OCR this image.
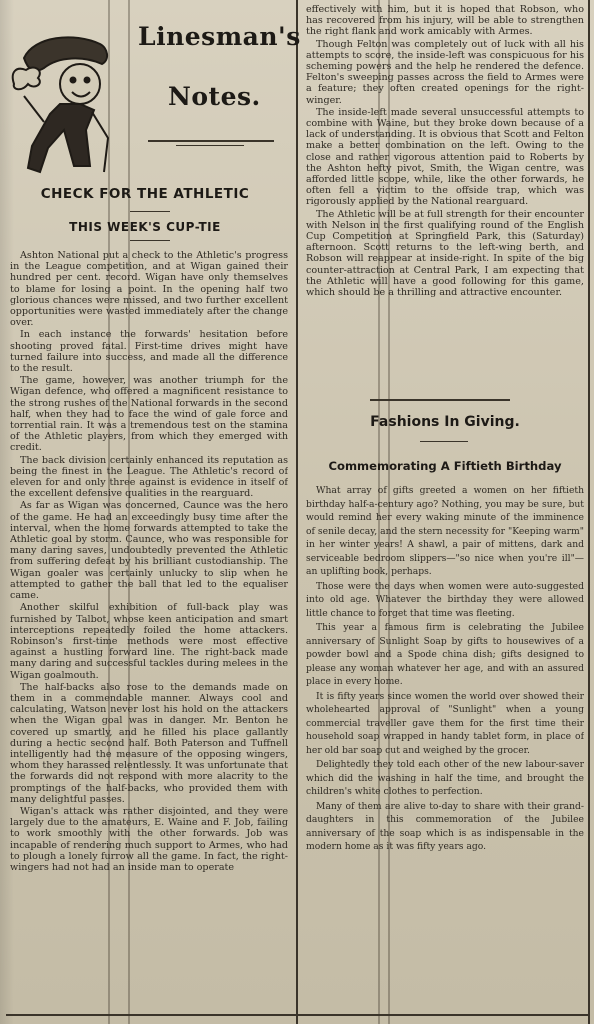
Linesman's
Notes.
CHECK FOR THE ATHLETIC
THIS WEEK'S CUP-TIE

Ashton National put a check to the Athletic's progress in the League competition, and at Wigan gained their hundred per cent. record. Wigan have only themselves to blame for losing a point. In the opening half two glorious chances were missed, and two further excellent opportunities were wasted immediately after the change over.

In each instance the forwards' hesitation before shooting proved fatal. First-time drives might have turned failure into success, and made all the difference to the result.

The game, however, was another triumph for the Wigan defence, who offered a magnificent resistance to the strong rushes of the National forwards in the second half, when they had to face the wind of gale force and torrential rain. It was a tremendous test on the stamina of the Athletic players, from which they emerged with credit.

The back division certainly enhanced its reputation as being the finest in the League. The Athletic's record of eleven for and only three against is evidence in itself of the excellent defensive qualities in the rearguard.

As far as Wigan was concerned, Caunce was the hero of the game. He had an exceedingly busy time after the interval, when the home forwards attempted to take the Athletic goal by storm. Caunce, who was responsible for many daring saves, undoubtedly prevented the Athletic from suffering defeat by his brilliant custodianship. The Wigan goaler was certainly unlucky to slip when he attempted to gather the ball that led to the equaliser came.

Another skilful exhibition of full-back play was furnished by Talbot, whose keen anticipation and smart interceptions repeatedly foiled the home attackers. Robinson's first-time methods were most effective against a hustling forward line. The right-back made many daring and successful tackles during melees in the Wigan goalmouth.

The half-backs also rose to the demands made on them in a commendable manner. Always cool and calculating, Watson never lost his hold on the attackers when the Wigan goal was in danger. Mr. Benton he covered up smartly, and he filled his place gallantly during a hectic second half. Both Paterson and Tuffnell intelligently had the measure of the opposing wingers, whom they harassed relentlessly. It was unfortunate that the forwards did not respond with more alacrity to the promptings of the half-backs, who provided them with many delightful passes.

Wigan's attack was rather disjointed, and they were largely due to the amateurs, E. Waine and F. Job, failing to work smoothly with the other forwards. Job was incapable of rendering much support to Armes, who had to plough a lonely furrow all the game. In fact, the right-wingers had not had an inside man to operate

effectively with him, but it is hoped that Robson, who has recovered from his injury, will be able to strengthen the right flank and work amicably with Armes.

Though Felton was completely out of luck with all his attempts to score, the inside-left was conspicuous for his scheming powers and the help he rendered the defence. Felton's sweeping passes across the field to Armes were a feature; they often created openings for the right-winger.

The inside-left made several unsuccessful attempts to combine with Waine, but they broke down because of a lack of understanding. It is obvious that Scott and Felton make a better combination on the left. Owing to the close and rather vigorous attention paid to Roberts by the Ashton hefty pivot, Smith, the Wigan centre, was afforded little scope, while, like the other forwards, he often fell a victim to the offside trap, which was rigorously applied by the National rearguard.

The Athletic will be at full strength for their encounter with Nelson in the first qualifying round of the English Cup Competition at Springfield Park, this (Saturday) afternoon. Scott returns to the left-wing berth, and Robson will reappear at inside-right. In spite of the big counter-attraction at Central Park, I am expecting that the Athletic will have a good following for this game, which should be a thrilling and attractive encounter.

Fashions In Giving.
Commemorating A Fiftieth Birthday

What array of gifts greeted a women on her fiftieth birthday half-a-century ago? Nothing, you may be sure, but would remind her every waking minute of the imminence of senile decay, and the stern necessity for "Keeping warm" in her winter years! A shawl, a pair of mittens, dark and serviceable bedroom slippers—"so nice when you're ill"—an uplifting book, perhaps.

Those were the days when women were auto-suggested into old age. Whatever the birthday they were allowed little chance to forget that time was fleeting.

This year a famous firm is celebrating the Jubilee anniversary of Sunlight Soap by gifts to housewives of a powder bowl and a Spode china dish; gifts designed to please any woman whatever her age, and with an assured place in every home.

It is fifty years since women the world over showed their wholehearted approval of "Sunlight" when a young commercial traveller gave them for the first time their household soap wrapped in handy tablet form, in place of her old bar soap cut and weighed by the grocer.

Delightedly they told each other of the new labour-saver which did the washing in half the time, and brought the children's white clothes to perfection.

Many of them are alive to-day to share with their grand-daughters in this commemoration of the Jubilee anniversary of the soap which is as indispensable in the modern home as it was fifty years ago.
